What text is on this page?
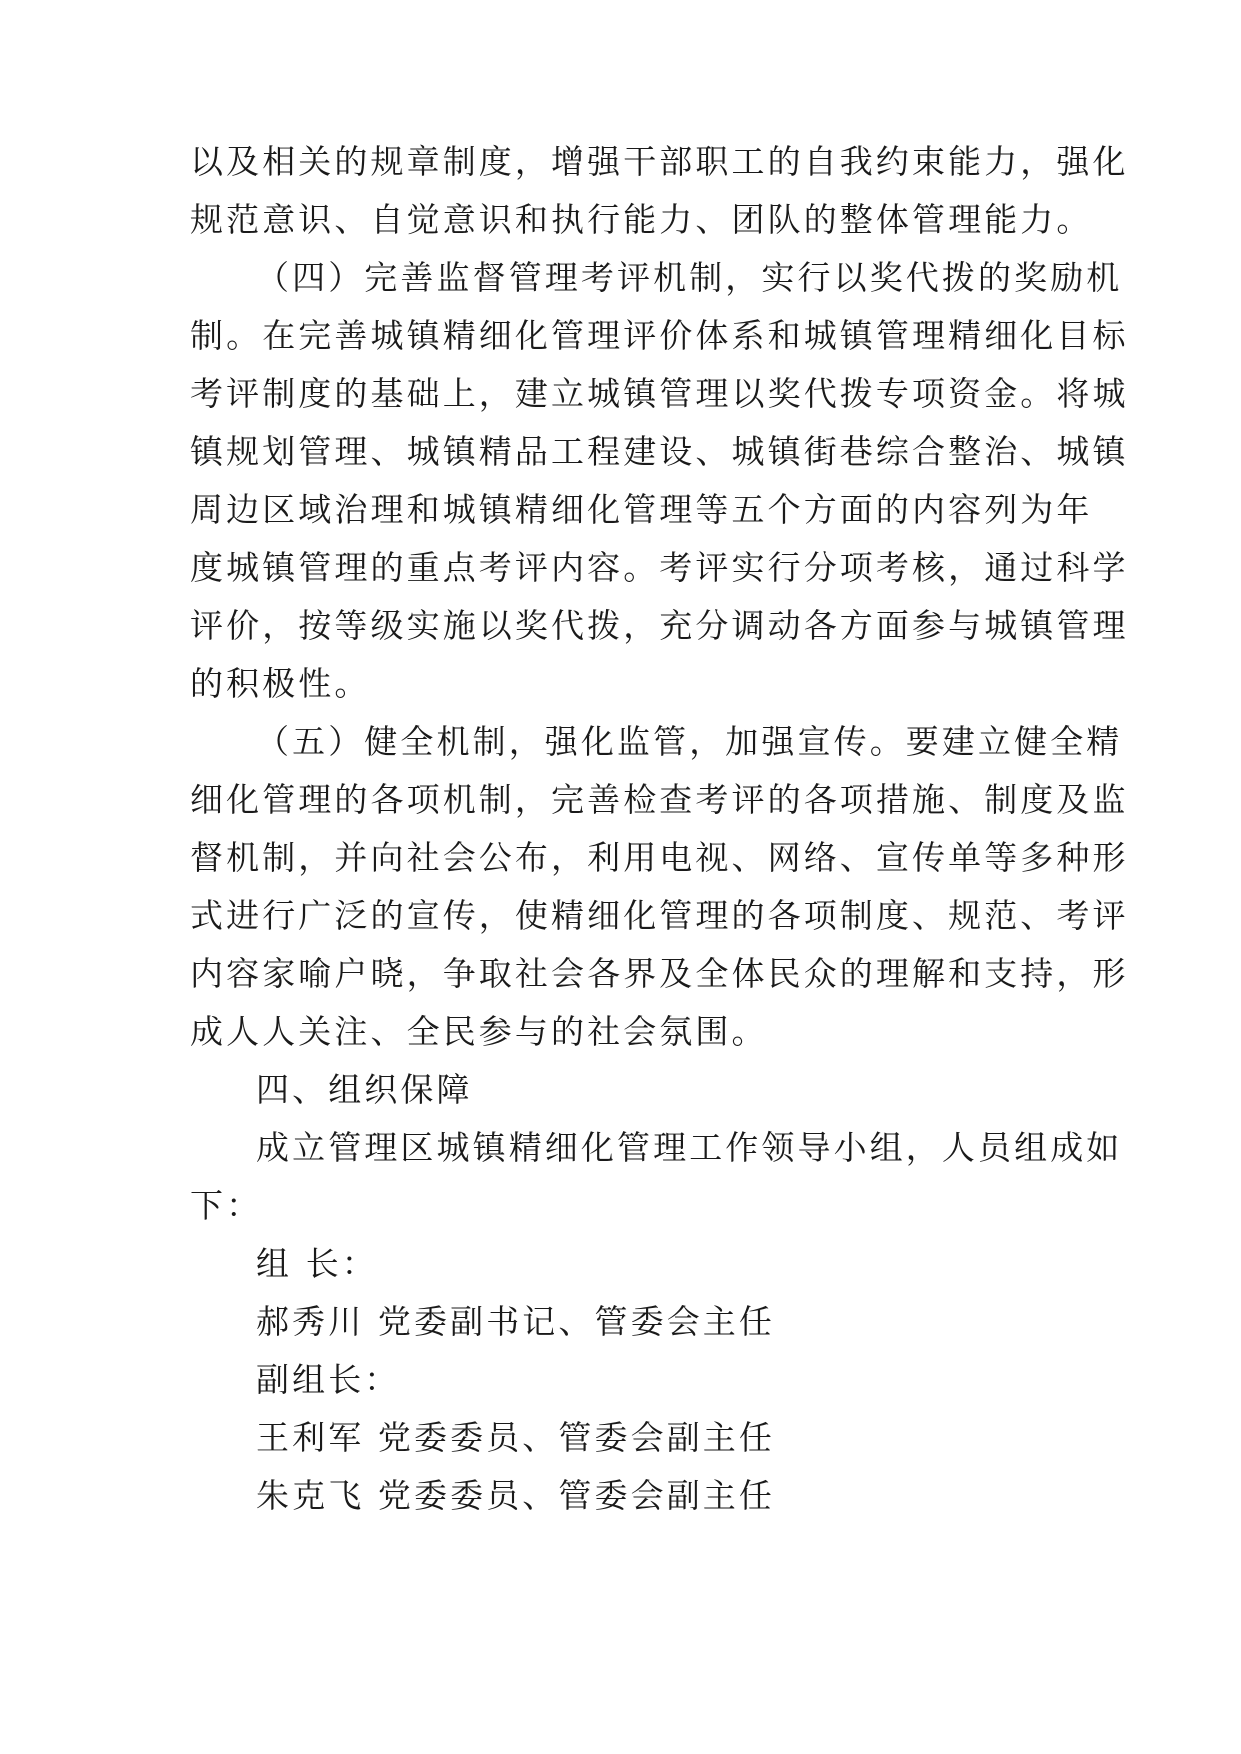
以及相关的规章制度，增强干部职工的自我约束能力，强化
规范意识、自觉意识和执行能力、团队的整体管理能力。
（四）完善监督管理考评机制，实行以奖代拨的奖励机
制。在完善城镇精细化管理评价体系和城镇管理精细化目标
考评制度的基础上，建立城镇管理以奖代拨专项资金。将城
镇规划管理、城镇精品工程建设、城镇街巷综合整治、城镇
周边区域治理和城镇精细化管理等五个方面的内容列为年
度城镇管理的重点考评内容。考评实行分项考核，通过科学
评价，按等级实施以奖代拨，充分调动各方面参与城镇管理
的积极性。
（五）健全机制，强化监管，加强宣传。要建立健全精
细化管理的各项机制，完善检查考评的各项措施、制度及监
督机制，并向社会公布，利用电视、网络、宣传单等多种形
式进行广泛的宣传，使精细化管理的各项制度、规范、考评
内容家喻户晓，争取社会各界及全体民众的理解和支持，形
成人人关注、全民参与的社会氛围。
四、组织保障
成立管理区城镇精细化管理工作领导小组，人员组成如
下：
组 长：
郝秀川 党委副书记、管委会主任
副组长：
王利军 党委委员、管委会副主任
朱克飞 党委委员、管委会副主任
